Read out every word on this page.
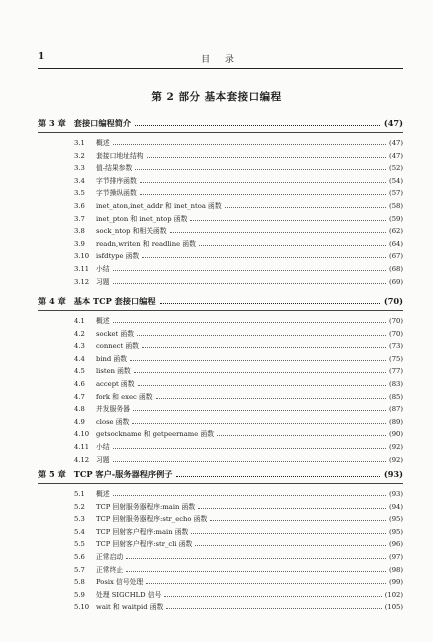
1	目 录
第 2 部分 基本套接口编程
第 3 章 套接口编程简介	(47)
3.1	概述	(47)
3.2	套接口地址结构	(47)
3.3	值-结果参数	(52)
3.4	字节排序函数	(54)
3.5	字节操纵函数	(57)
3.6	inet_aton,inet_addr 和 inet_ntoa 函数	(58)
3.7	inet_pton 和 inet_ntop 函数	(59)
3.8	sock_ntop 和相关函数	(62)
3.9	readn,writen 和 readline 函数	(64)
3.10	isfdtype 函数	(67)
3.11	小结	(68)
3.12	习题	(69)
第 4 章 基本 TCP 套接口编程	(70)
4.1	概述	(70)
4.2	socket 函数	(70)
4.3	connect 函数	(73)
4.4	bind 函数	(75)
4.5	listen 函数	(77)
4.6	accept 函数	(83)
4.7	fork 和 exec 函数	(85)
4.8	并发服务器	(87)
4.9	close 函数	(89)
4.10	getsockname 和 getpeername 函数	(90)
4.11	小结	(92)
4.12	习题	(92)
第 5 章 TCP 客户-服务器程序例子	(93)
5.1	概述	(93)
5.2	TCP 回射服务器程序:main 函数	(94)
5.3	TCP 回射服务器程序:str_echo 函数	(95)
5.4	TCP 回射客户程序:main 函数	(95)
5.5	TCP 回射客户程序:str_cli 函数	(96)
5.6	正常启动	(97)
5.7	正常终止	(98)
5.8	Posix 信号处理	(99)
5.9	处理 SIGCHLD 信号	(102)
5.10	wait 和 waitpid 函数	(105)
